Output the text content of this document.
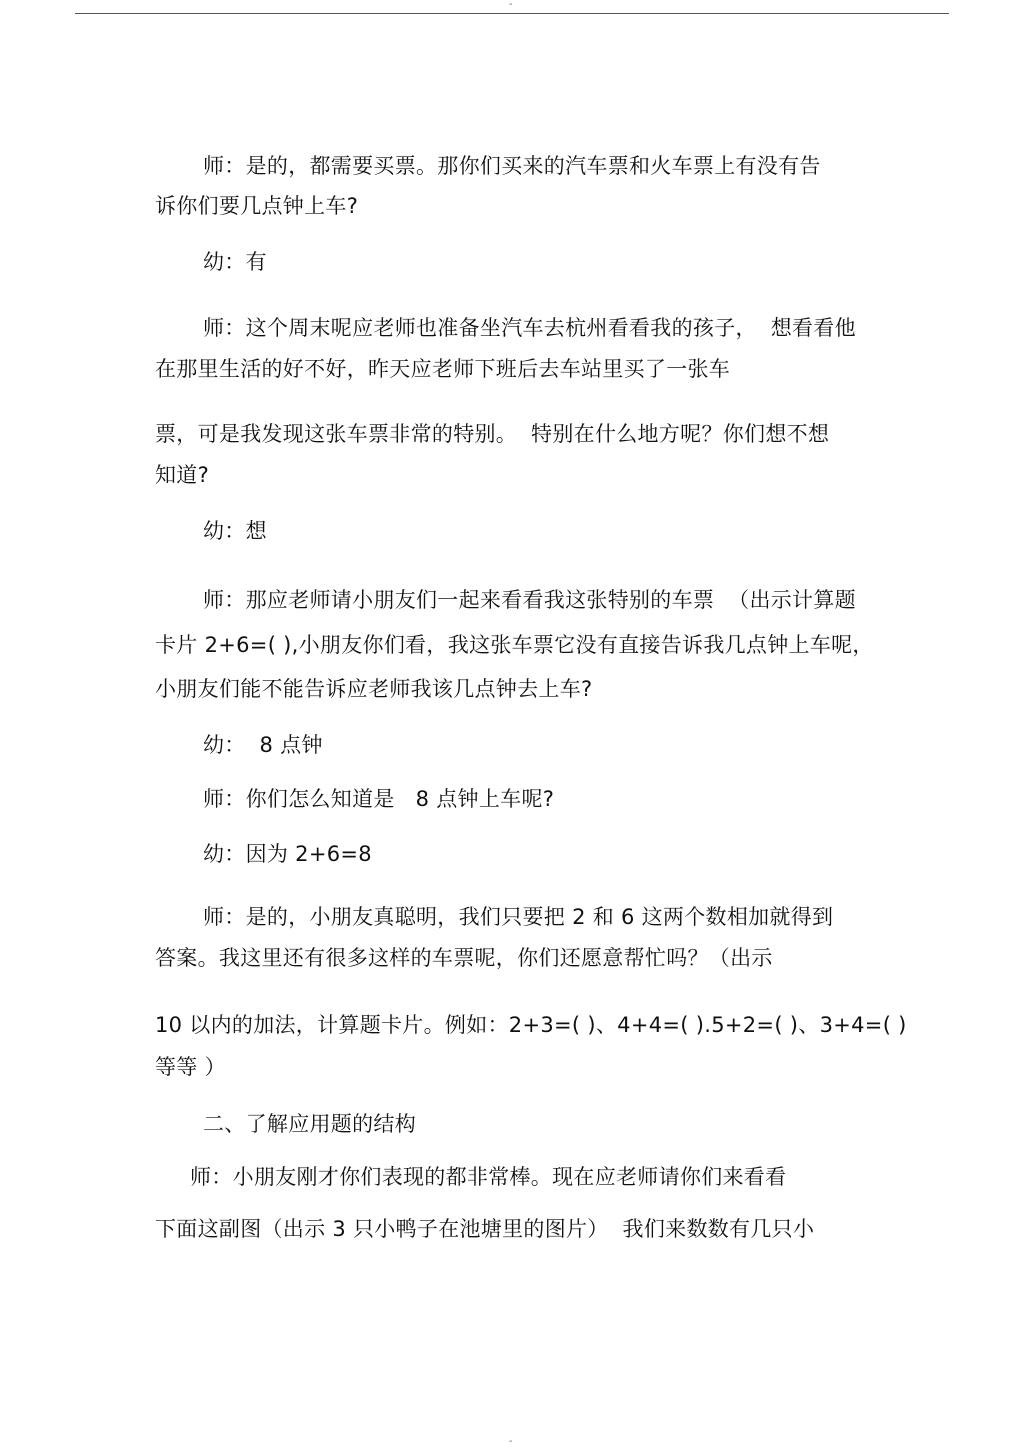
-
师：是的，都需要买票。那你们买来的汽车票和火车票上有没有告
诉你们要几点钟上车?
幼：有
师：这个周末呢应老师也准备坐汽车去杭州看看我的孩子，  想看看他
在那里生活的好不好，昨天应老师下班后去车站里买了一张车
票，可是我发现这张车票非常的特别。  特别在什么地方呢？你们想不想
知道?
幼：想
师：那应老师请小朋友们一起来看看我这张特别的车票  （出示计算题
卡片 2+6=( ),小朋友你们看，我这张车票它没有直接告诉我几点钟上车呢，
小朋友们能不能告诉应老师我该几点钟去上车?
幼：  8 点钟
师：你们怎么知道是   8 点钟上车呢?
幼：因为 2+6=8
师：是的，小朋友真聪明，我们只要把 2 和 6 这两个数相加就得到
答案。我这里还有很多这样的车票呢，你们还愿意帮忙吗？（出示
10 以内的加法，计算题卡片。例如：2+3=( )、4+4=( ).5+2=( )、3+4=( )
等等 ）
二、了解应用题的结构
师：小朋友刚才你们表现的都非常棒。现在应老师请你们来看看
下面这副图（出示 3 只小鸭子在池塘里的图片）  我们来数数有几只小
-
